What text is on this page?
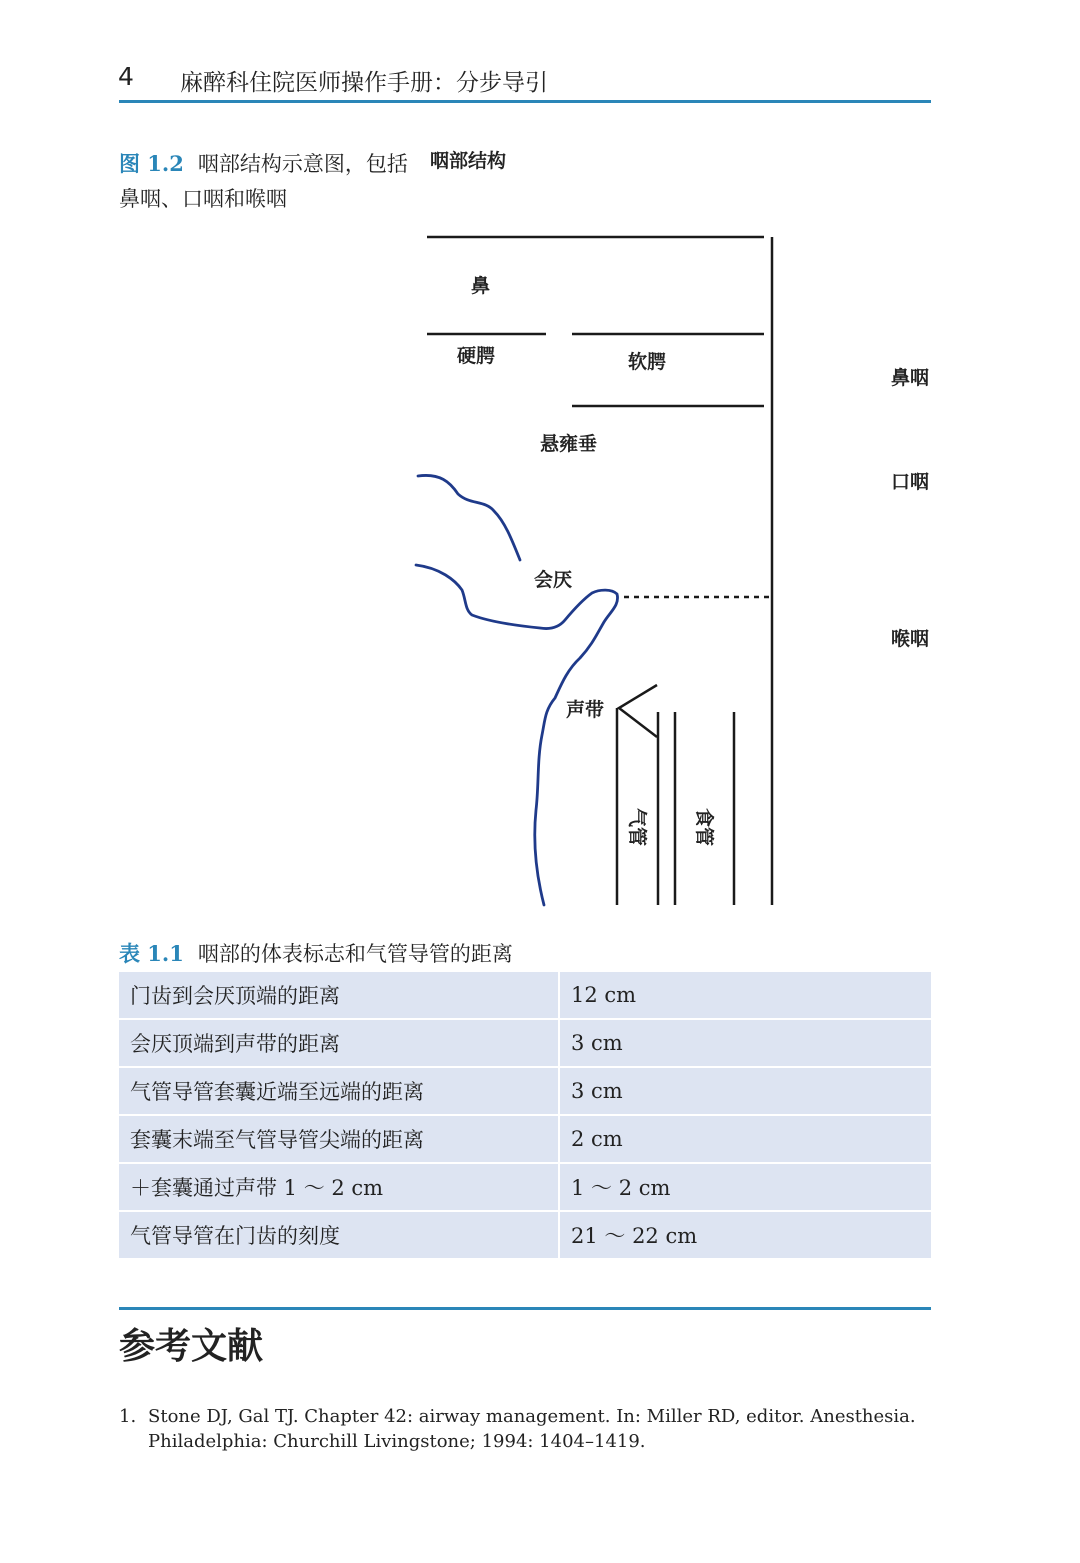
4 麻醉科住院医师操作手册：分步导引
图 1.2 咽部结构示意图，包括鼻咽、口咽和喉咽
咽部结构
鼻
硬腭	软腭
悬雍垂
会厌
声带
气管 食管
鼻咽
口咽
喉咽
表 1.1 咽部的体表标志和气管导管的距离
门齿到会厌顶端的距离	12 cm
会厌顶端到声带的距离	3 cm
气管导管套囊近端至远端的距离	3 cm
套囊末端至气管导管尖端的距离	2 cm
＋套囊通过声带 1 ～ 2 cm	1 ～ 2 cm
气管导管在门齿的刻度	21 ～ 22 cm
参考文献
1. Stone DJ, Gal TJ. Chapter 42: airway management. In: Miller RD, editor. Anesthesia.
Philadelphia: Churchill Livingstone; 1994: 1404–1419.
